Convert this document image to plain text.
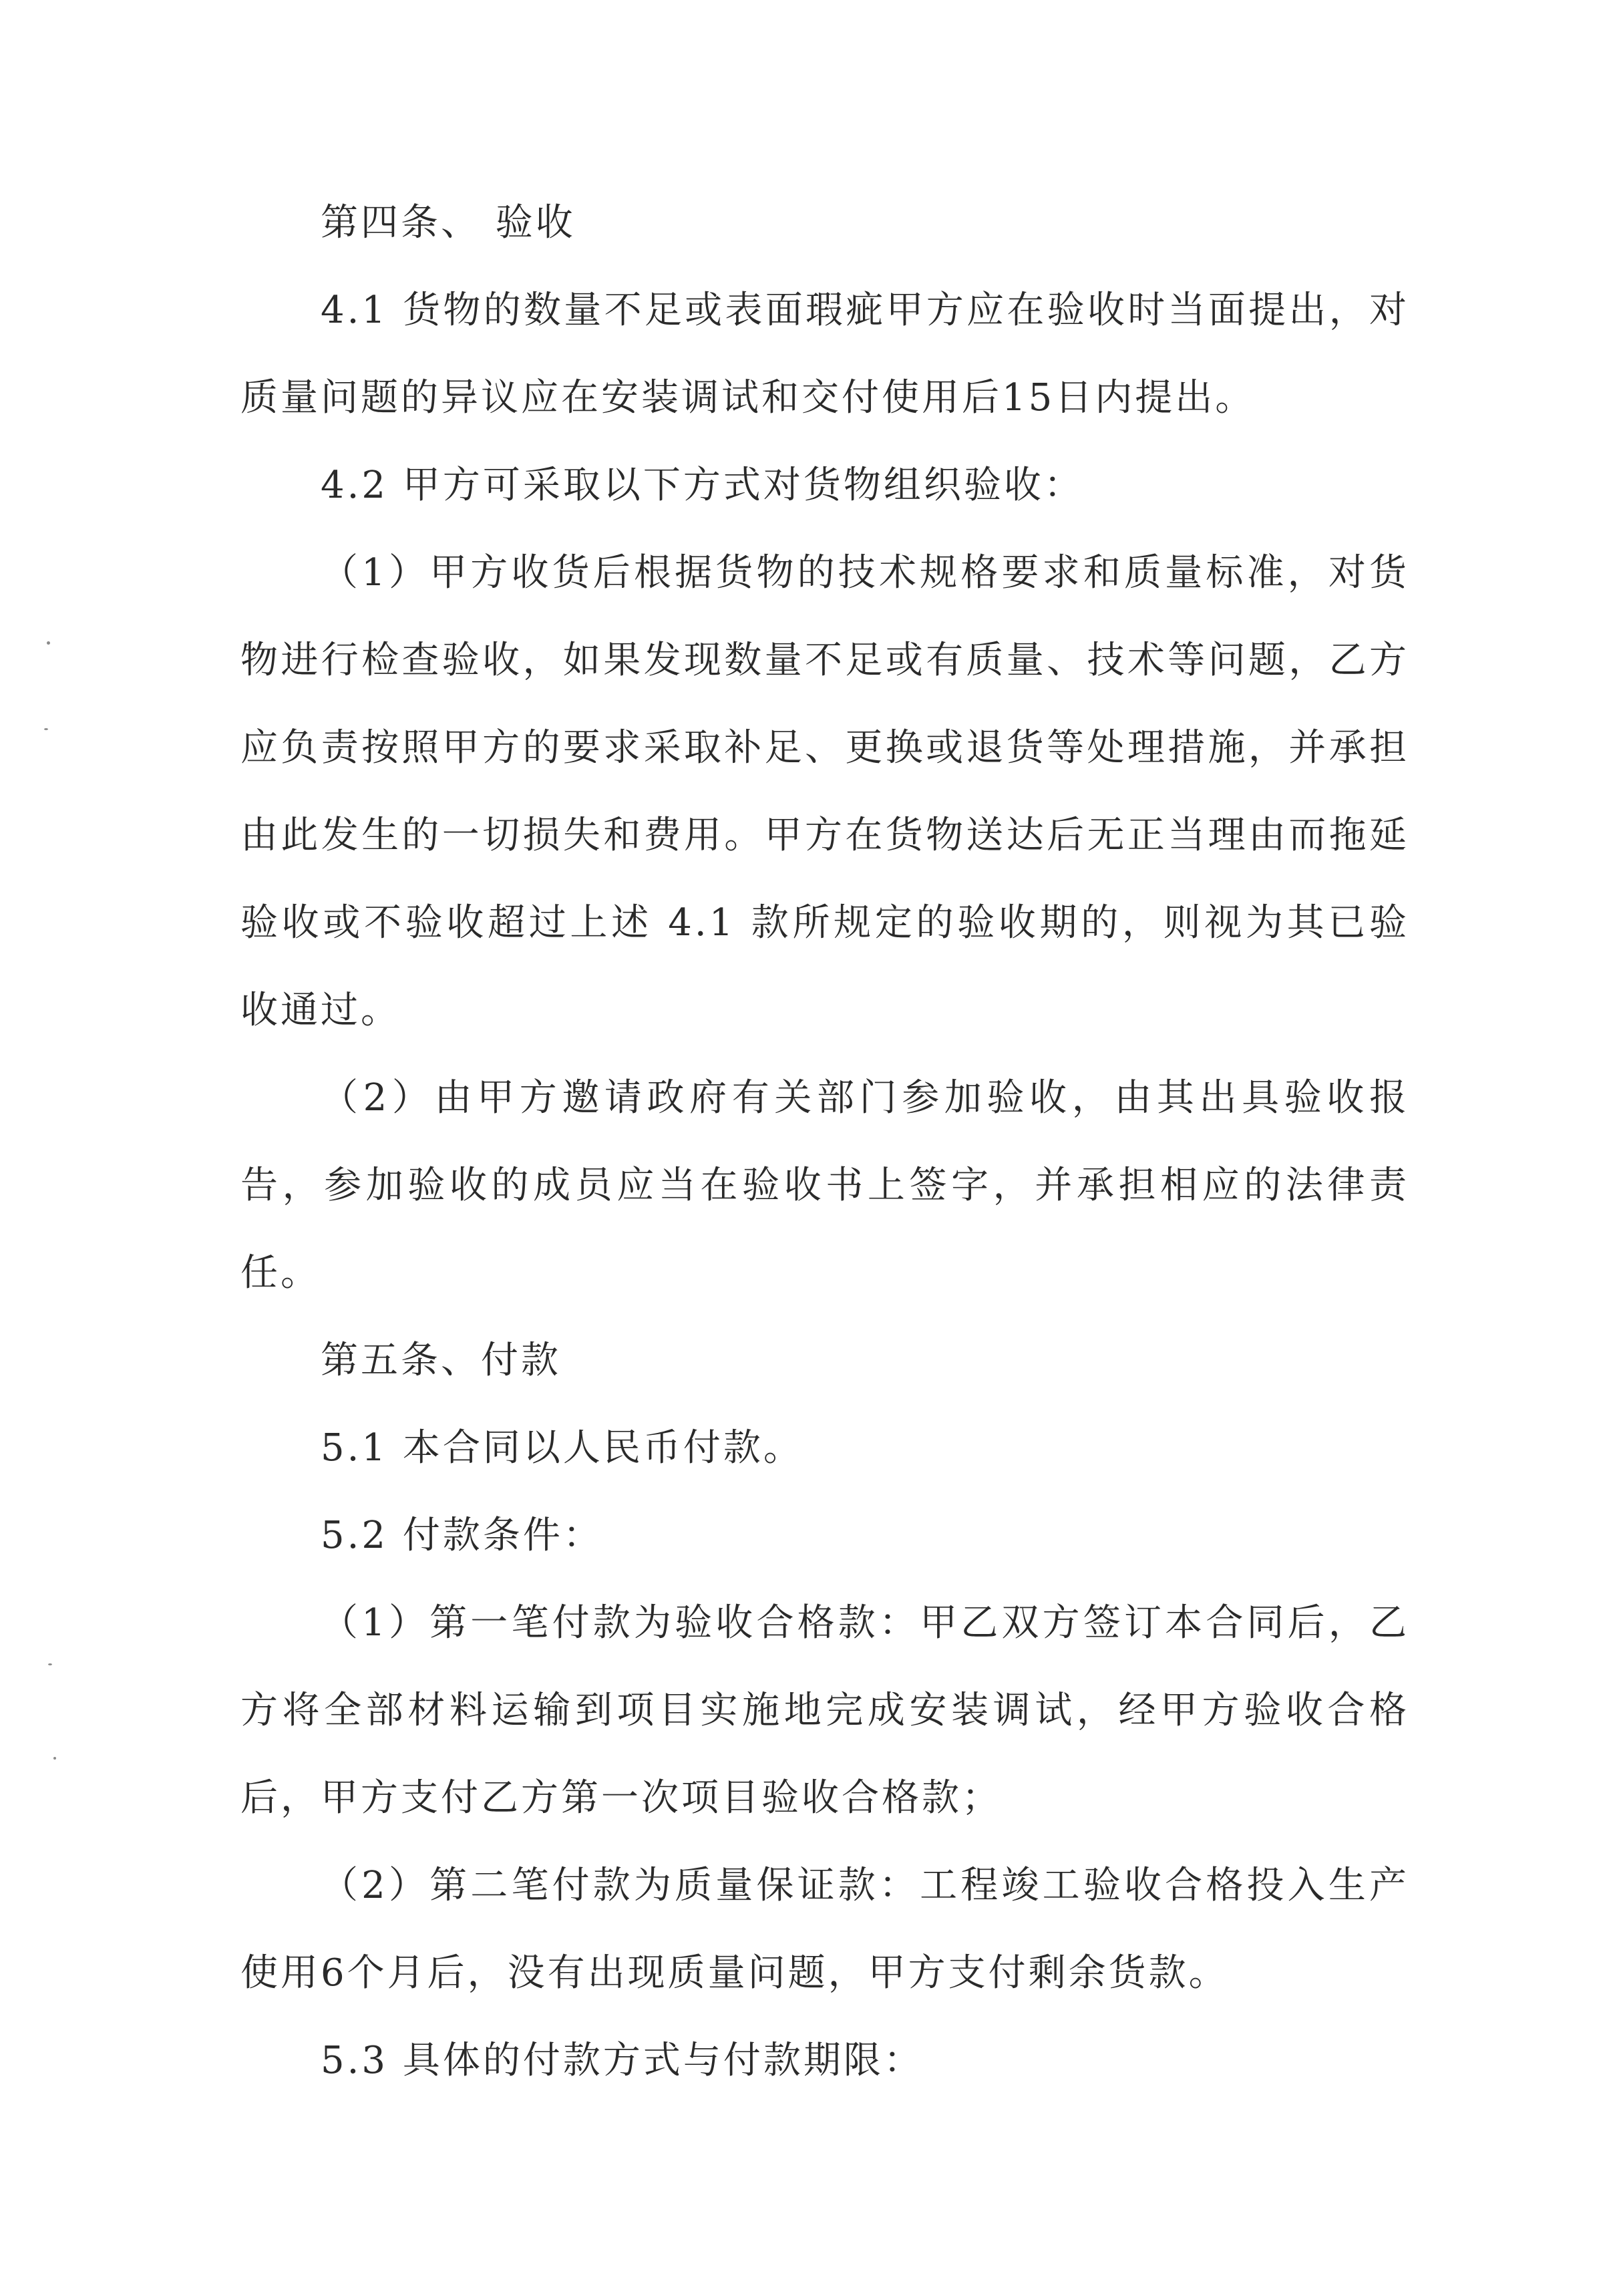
第四条、 验收

4.1 货物的数量不足或表面瑕疵甲方应在验收时当面提出，对质量问题的异议应在安装调试和交付使用后15日内提出。

4.2 甲方可采取以下方式对货物组织验收：

（1）甲方收货后根据货物的技术规格要求和质量标准，对货物进行检查验收，如果发现数量不足或有质量、技术等问题，乙方应负责按照甲方的要求采取补足、更换或退货等处理措施，并承担由此发生的一切损失和费用。甲方在货物送达后无正当理由而拖延验收或不验收超过上述 4.1 款所规定的验收期的，则视为其已验收通过。

（2）由甲方邀请政府有关部门参加验收，由其出具验收报告，参加验收的成员应当在验收书上签字，并承担相应的法律责任。

第五条、付款

5.1 本合同以人民币付款。

5.2 付款条件：

（1）第一笔付款为验收合格款：甲乙双方签订本合同后，乙方将全部材料运输到项目实施地完成安装调试，经甲方验收合格后，甲方支付乙方第一次项目验收合格款；

（2）第二笔付款为质量保证款：工程竣工验收合格投入生产使用6个月后，没有出现质量问题，甲方支付剩余货款。

5.3 具体的付款方式与付款期限：
